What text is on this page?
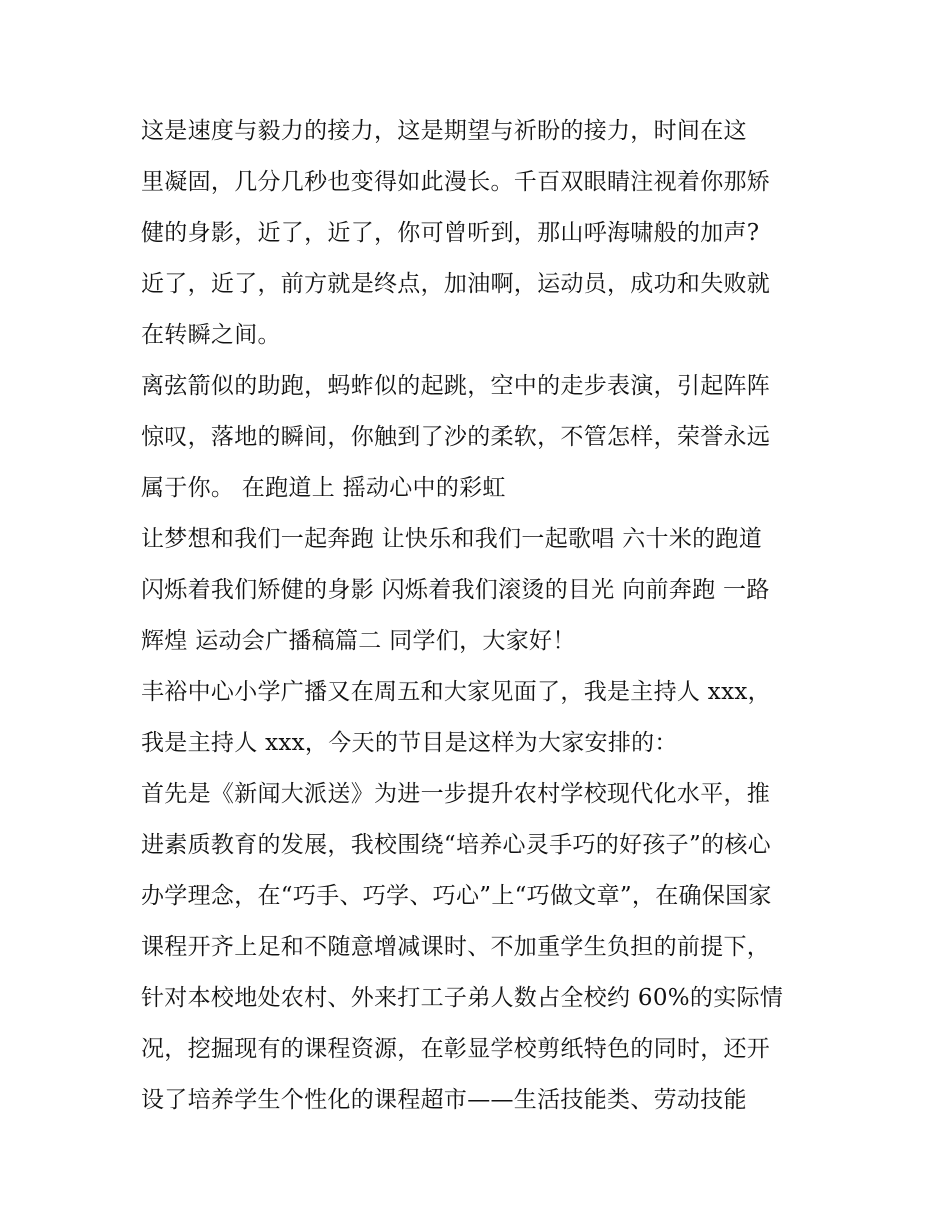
这是速度与毅力的接力，这是期望与祈盼的接力，时间在这
里凝固，几分几秒也变得如此漫长。千百双眼睛注视着你那矫
健的身影，近了，近了，你可曾听到，那山呼海啸般的加声?
近了，近了，前方就是终点，加油啊，运动员，成功和失败就
在转瞬之间。
离弦箭似的助跑，蚂蚱似的起跳，空中的走步表演，引起阵阵
惊叹，落地的瞬间，你触到了沙的柔软，不管怎样，荣誉永远
属于你。 在跑道上 摇动心中的彩虹
让梦想和我们一起奔跑 让快乐和我们一起歌唱 六十米的跑道
闪烁着我们矫健的身影 闪烁着我们滚烫的目光 向前奔跑 一路
辉煌 运动会广播稿篇二 同学们，大家好！
丰裕中心小学广播又在周五和大家见面了，我是主持人 xxx，
我是主持人 xxx，今天的节目是这样为大家安排的：
首先是《新闻大派送》为进一步提升农村学校现代化水平，推
进素质教育的发展，我校围绕“培养心灵手巧的好孩子”的核心
办学理念，在“巧手、巧学、巧心”上“巧做文章”，在确保国家
课程开齐上足和不随意增减课时、不加重学生负担的前提下，
针对本校地处农村、外来打工子弟人数占全校约 60%的实际情
况，挖掘现有的课程资源，在彰显学校剪纸特色的同时，还开
设了培养学生个性化的课程超市——生活技能类、劳动技能
